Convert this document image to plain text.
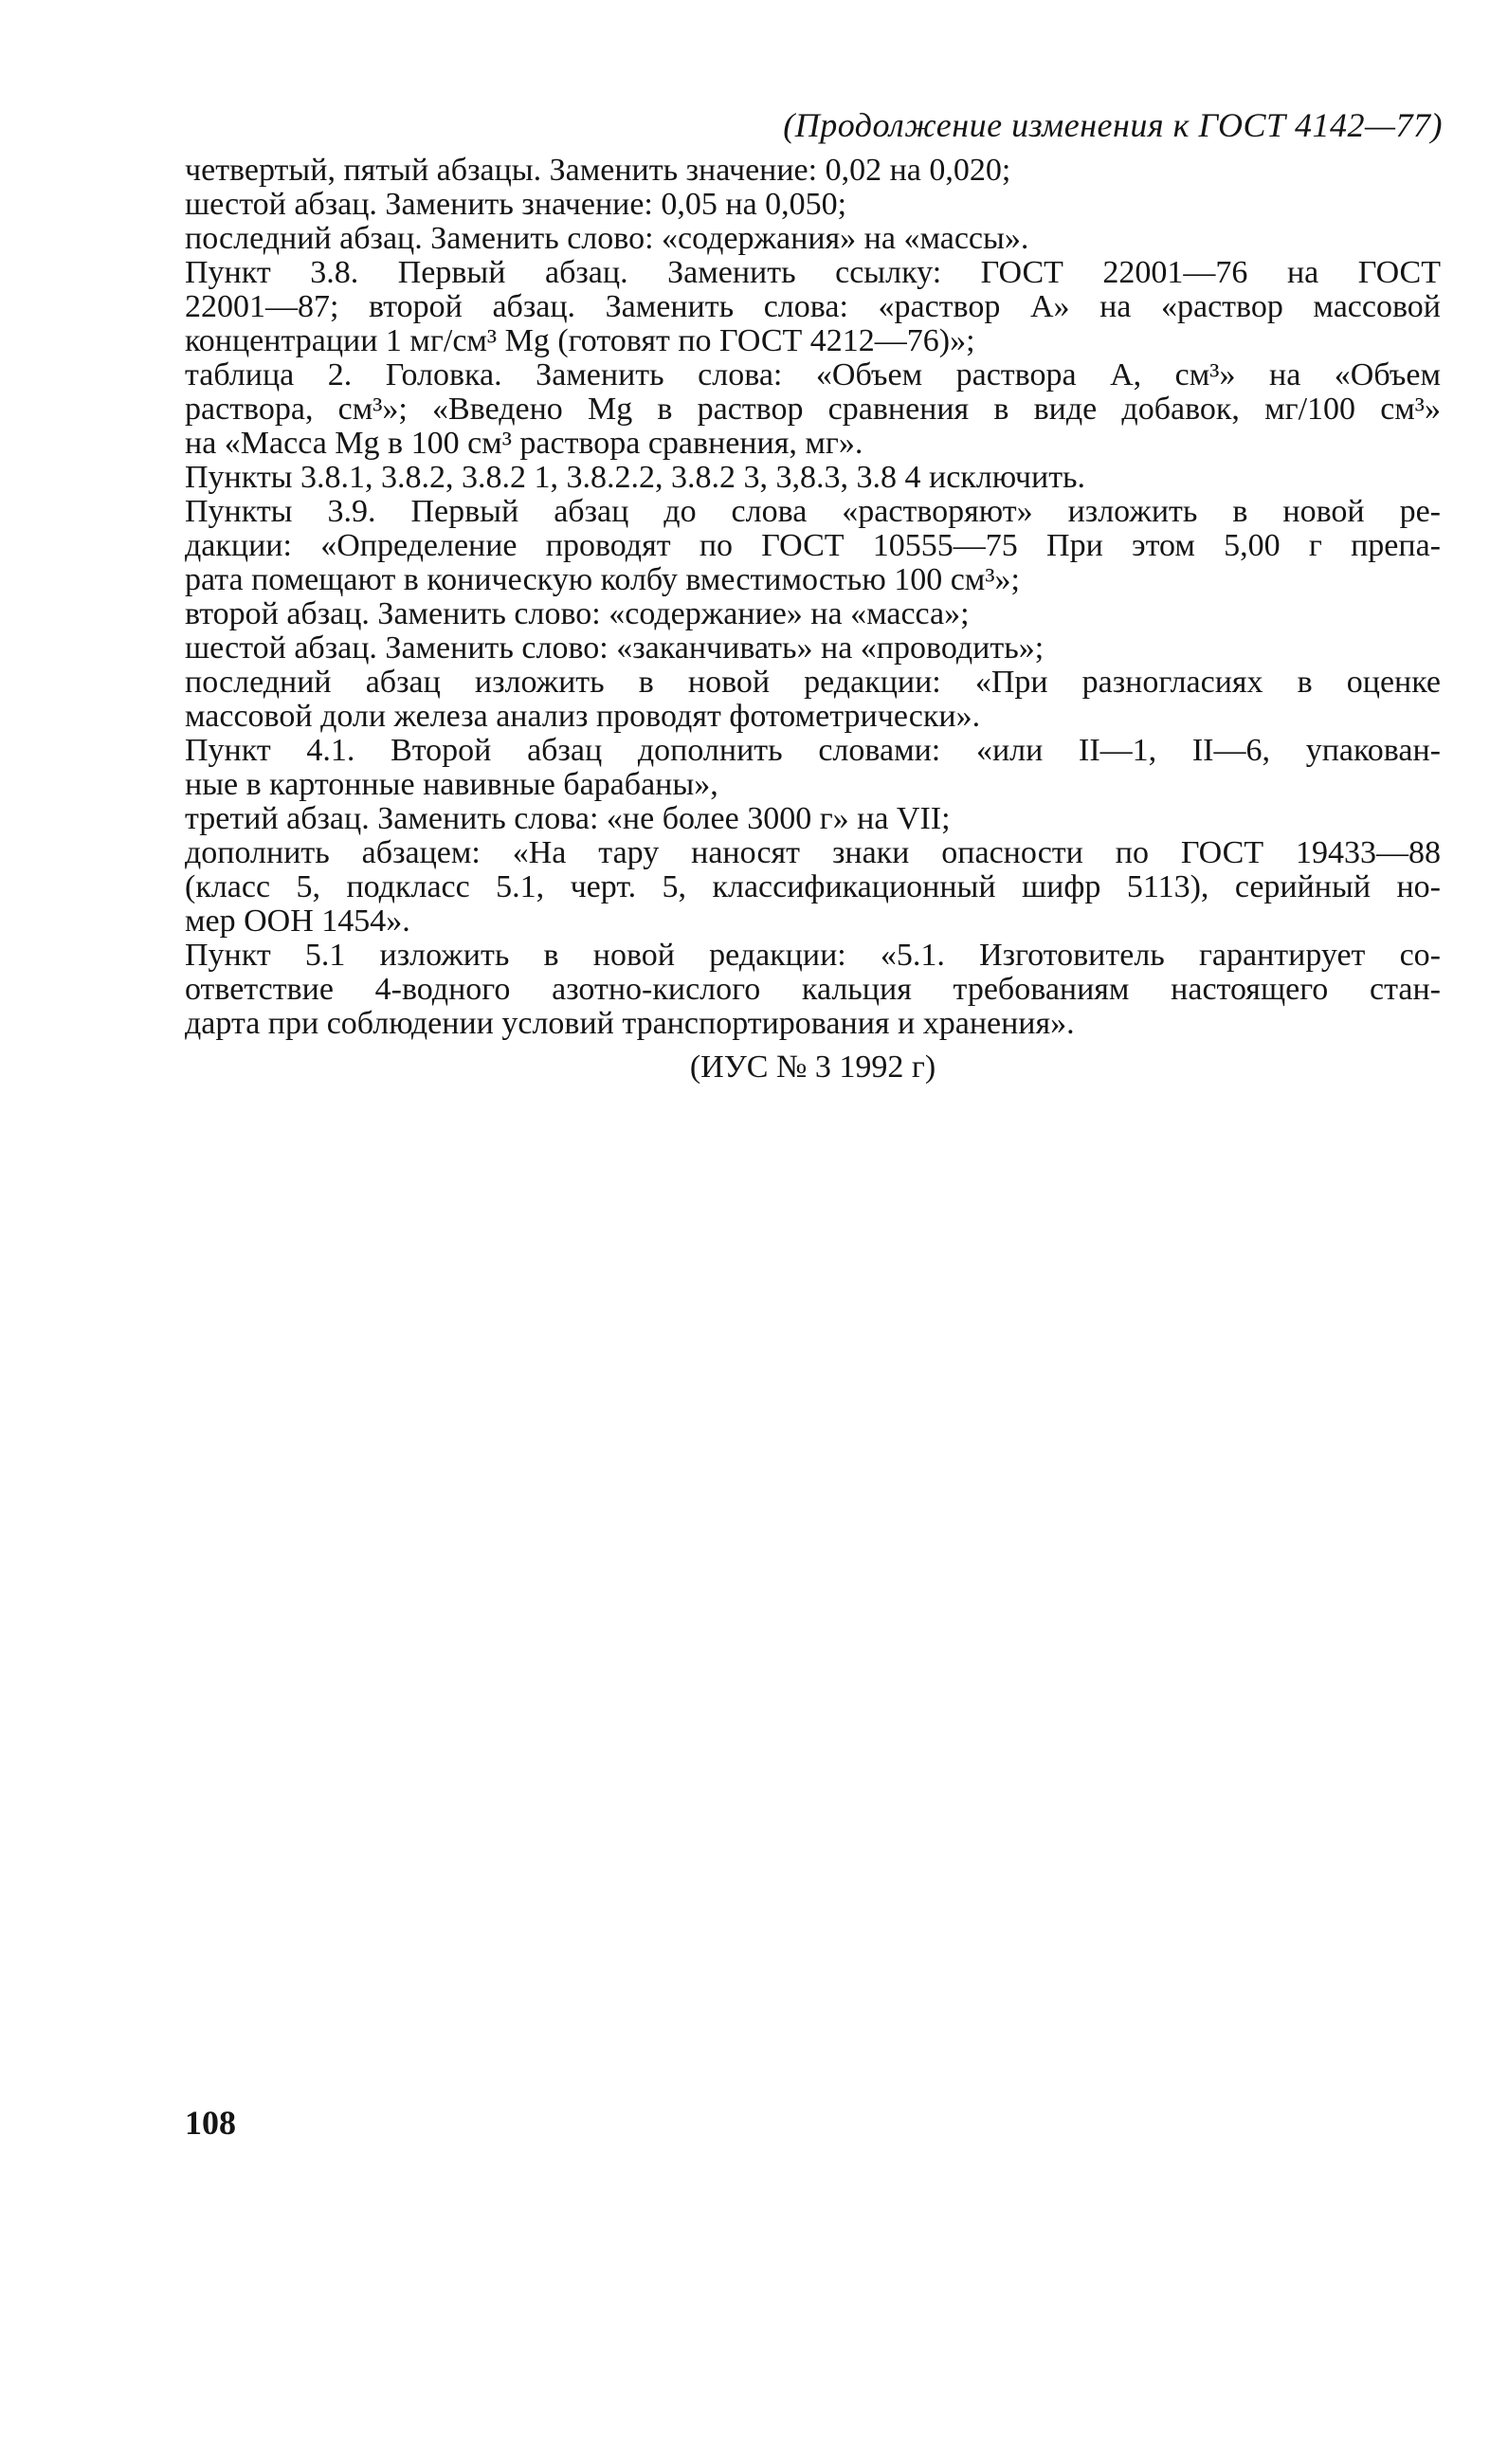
(Продолжение изменения к ГОСТ 4142—77)
четвертый, пятый абзацы. Заменить значение: 0,02 на 0,020;
шестой абзац. Заменить значение: 0,05 на 0,050;
последний абзац. Заменить слово: «содержания» на «массы».
Пункт 3.8. Первый абзац. Заменить ссылку: ГОСТ 22001—76 на ГОСТ
22001—87; второй абзац. Заменить слова: «раствор А» на «раствор массовой
концентрации 1 мг/см³ Mg (готовят по ГОСТ 4212—76)»;
таблица 2. Головка. Заменить слова: «Объем раствора А, см³» на «Объем
раствора, см³»; «Введено Mg в раствор сравнения в виде добавок, мг/100 см³»
на «Масса Mg в 100 см³ раствора сравнения, мг».
Пункты 3.8.1, 3.8.2, 3.8.2 1, 3.8.2.2, 3.8.2 3, 3,8.3, 3.8 4 исключить.
Пункты 3.9. Первый абзац до слова «растворяют» изложить в новой ре-
дакции: «Определение проводят по ГОСТ 10555—75 При этом 5,00 г препа-
рата помещают в коническую колбу вместимостью 100 см³»;
второй абзац. Заменить слово: «содержание» на «масса»;
шестой абзац. Заменить слово: «заканчивать» на «проводить»;
последний абзац изложить в новой редакции: «При разногласиях в оценке
массовой доли железа анализ проводят фотометрически».
Пункт 4.1. Второй абзац дополнить словами: «или II—1, II—6, упакован-
ные в картонные навивные барабаны»,
третий абзац. Заменить слова: «не более 3000 г» на VII;
дополнить абзацем: «На тару наносят знаки опасности по ГОСТ 19433—88
(класс 5, подкласс 5.1, черт. 5, классификационный шифр 5113), серийный но-
мер ООН 1454».
Пункт 5.1 изложить в новой редакции: «5.1. Изготовитель гарантирует со-
ответствие 4-водного азотно-кислого кальция требованиям настоящего стан-
дарта при соблюдении условий транспортирования и хранения».
(ИУС № 3 1992 г)
108
